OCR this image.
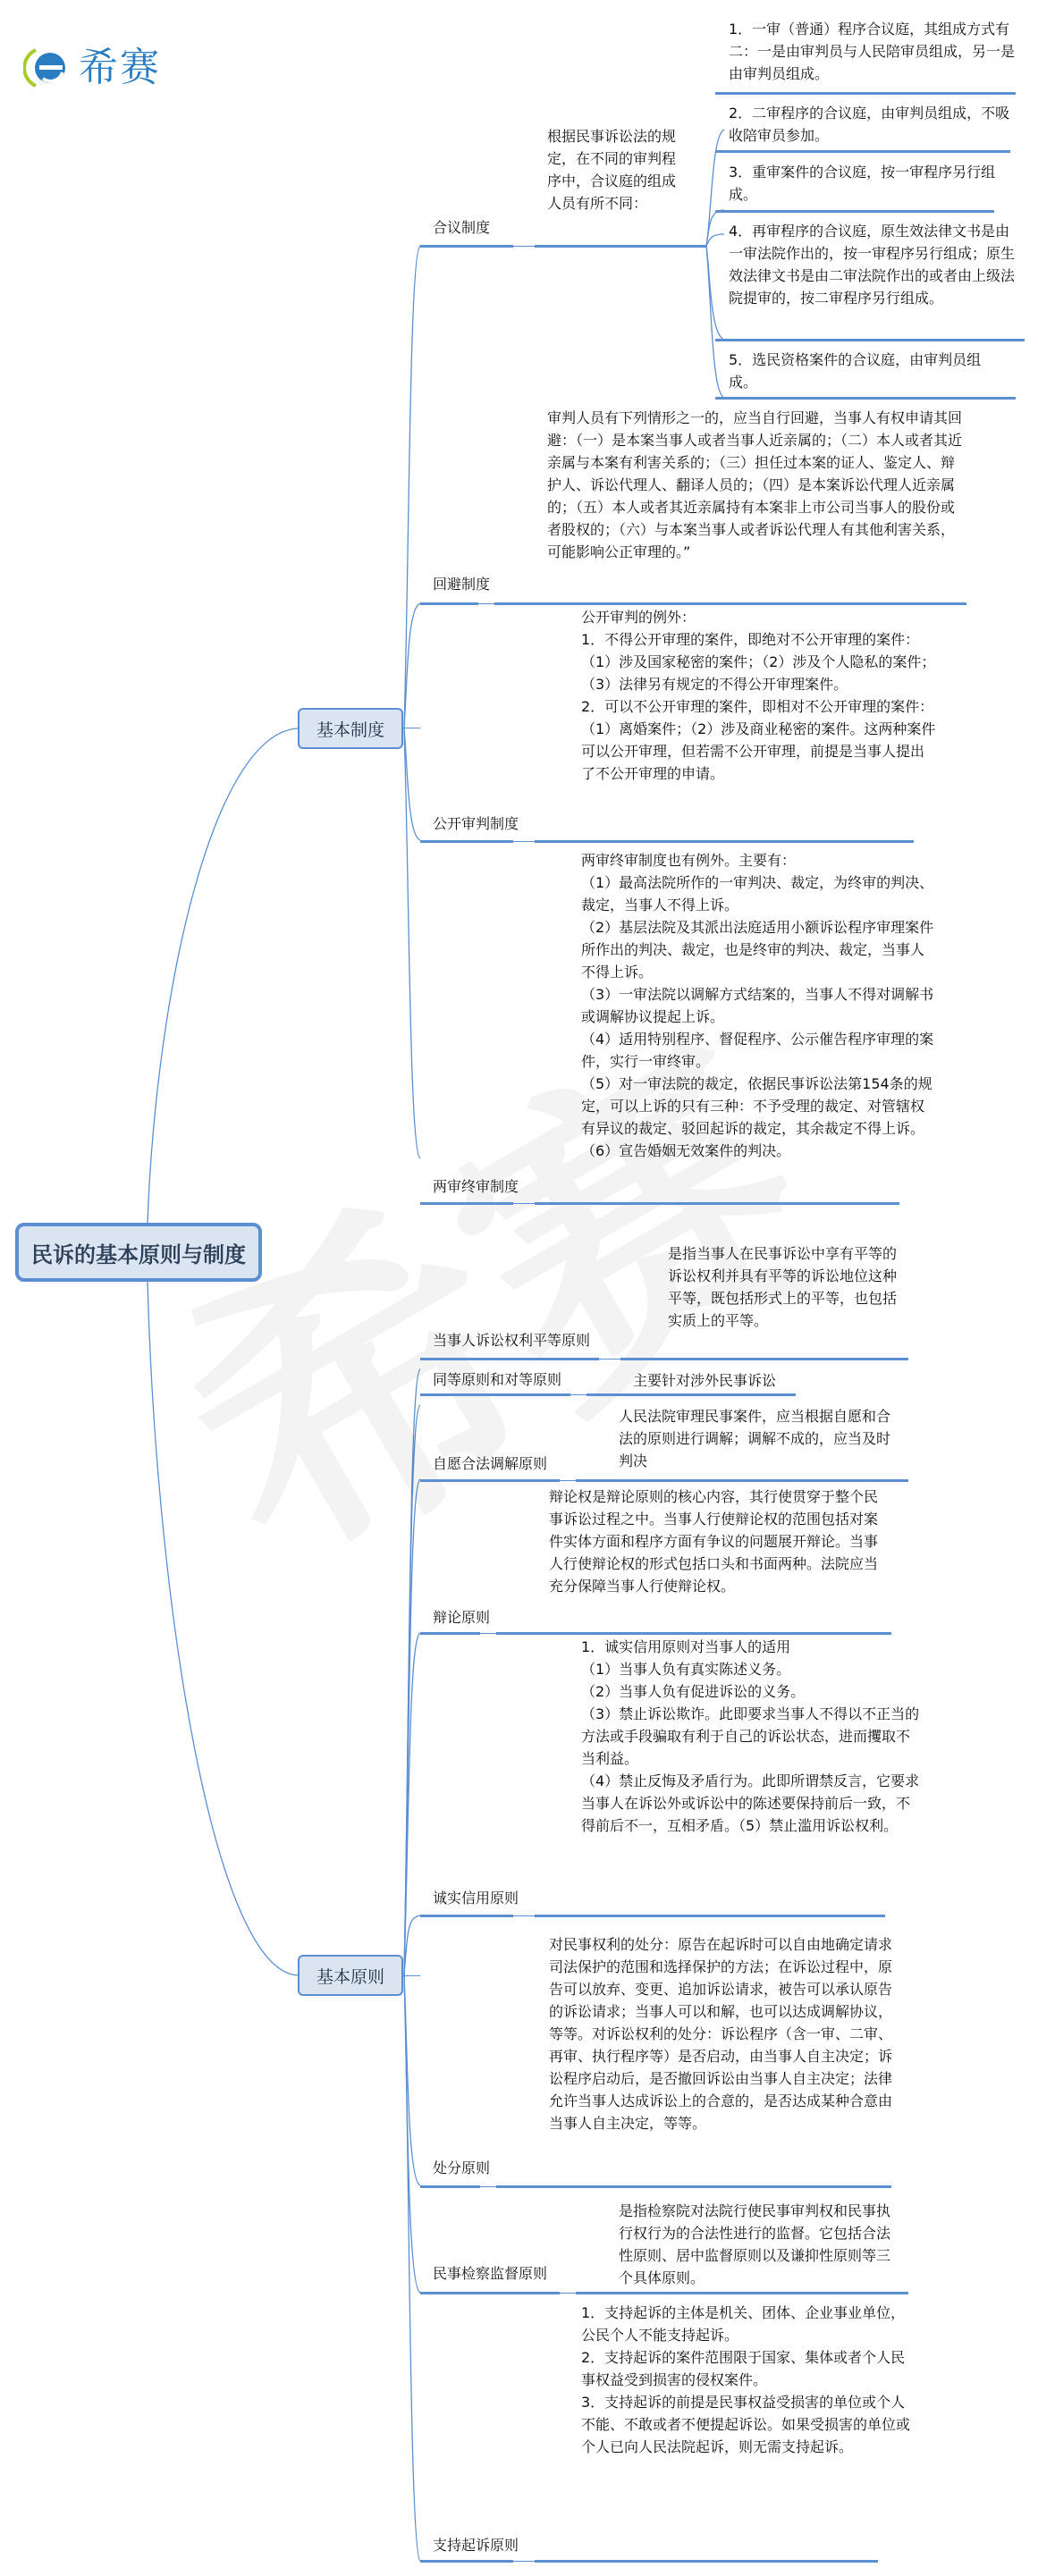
希赛
民诉的基本原则与制度
基本制度
基本原则
合议制度
根据民事诉讼法的规定，在不同的审判程序中，合议庭的组成人员有所不同：
1．一审（普通）程序合议庭，其组成方式有二：一是由审判员与人民陪审员组成，另一是由审判员组成。
2．二审程序的合议庭，由审判员组成，不吸收陪审员参加。
3．重审案件的合议庭，按一审程序另行组成。
4．再审程序的合议庭，原生效法律文书是由一审法院作出的，按一审程序另行组成；原生效法律文书是由二审法院作出的或者由上级法院提审的，按二审程序另行组成。
5．选民资格案件的合议庭，由审判员组成。
回避制度
审判人员有下列情形之一的，应当自行回避，当事人有权申请其回避：（一）是本案当事人或者当事人近亲属的；（二）本人或者其近亲属与本案有利害关系的；（三）担任过本案的证人、鉴定人、辩护人、诉讼代理人、翻译人员的；（四）是本案诉讼代理人近亲属的；（五）本人或者其近亲属持有本案非上市公司当事人的股份或者股权的；（六）与本案当事人或者诉讼代理人有其他利害关系，可能影响公正审理的。”
公开审判制度
公开审判的例外：
1．不得公开审理的案件，即绝对不公开审理的案件：（1）涉及国家秘密的案件；（2）涉及个人隐私的案件；（3）法律另有规定的不得公开审理案件。
2．可以不公开审理的案件，即相对不公开审理的案件：（1）离婚案件；（2）涉及商业秘密的案件。这两种案件可以公开审理，但若需不公开审理，前提是当事人提出了不公开审理的申请。
两审终审制度
两审终审制度也有例外。主要有：
（1）最高法院所作的一审判决、裁定，为终审的判决、裁定，当事人不得上诉。
（2）基层法院及其派出法庭适用小额诉讼程序审理案件所作出的判决、裁定，也是终审的判决、裁定，当事人不得上诉。
（3）一审法院以调解方式结案的，当事人不得对调解书或调解协议提起上诉。
（4）适用特别程序、督促程序、公示催告程序审理的案件，实行一审终审。
（5）对一审法院的裁定，依据民事诉讼法第154条的规定，可以上诉的只有三种：不予受理的裁定、对管辖权有异议的裁定、驳回起诉的裁定，其余裁定不得上诉。
（6）宣告婚姻无效案件的判决。
当事人诉讼权利平等原则
是指当事人在民事诉讼中享有平等的诉讼权利并具有平等的诉讼地位这种平等，既包括形式上的平等，也包括实质上的平等。
同等原则和对等原则	主要针对涉外民事诉讼
自愿合法调解原则
人民法院审理民事案件，应当根据自愿和合法的原则进行调解；调解不成的，应当及时判决
辩论原则
辩论权是辩论原则的核心内容，其行使贯穿于整个民事诉讼过程之中。当事人行使辩论权的范围包括对案件实体方面和程序方面有争议的问题展开辩论。当事人行使辩论权的形式包括口头和书面两种。法院应当充分保障当事人行使辩论权。
诚实信用原则
1．诚实信用原则对当事人的适用
（1）当事人负有真实陈述义务。
（2）当事人负有促进诉讼的义务。
（3）禁止诉讼欺诈。此即要求当事人不得以不正当的方法或手段骗取有利于自己的诉讼状态，进而攫取不当利益。
（4）禁止反悔及矛盾行为。此即所谓禁反言，它要求当事人在诉讼外或诉讼中的陈述要保持前后一致，不得前后不一，互相矛盾。（5）禁止滥用诉讼权利。
处分原则
对民事权利的处分：原告在起诉时可以自由地确定请求司法保护的范围和选择保护的方法；在诉讼过程中，原告可以放弃、变更、追加诉讼请求，被告可以承认原告的诉讼请求；当事人可以和解，也可以达成调解协议，等等。对诉讼权利的处分：诉讼程序（含一审、二审、再审、执行程序等）是否启动，由当事人自主决定；诉讼程序启动后，是否撤回诉讼由当事人自主决定；法律允许当事人达成诉讼上的合意的，是否达成某种合意由当事人自主决定，等等。
民事检察监督原则
是指检察院对法院行使民事审判权和民事执行权行为的合法性进行的监督。它包括合法性原则、居中监督原则以及谦抑性原则等三个具体原则。
支持起诉原则
1．支持起诉的主体是机关、团体、企业事业单位，公民个人不能支持起诉。
2．支持起诉的案件范围限于国家、集体或者个人民事权益受到损害的侵权案件。
3．支持起诉的前提是民事权益受损害的单位或个人不能、不敢或者不便提起诉讼。如果受损害的单位或个人已向人民法院起诉，则无需支持起诉。
